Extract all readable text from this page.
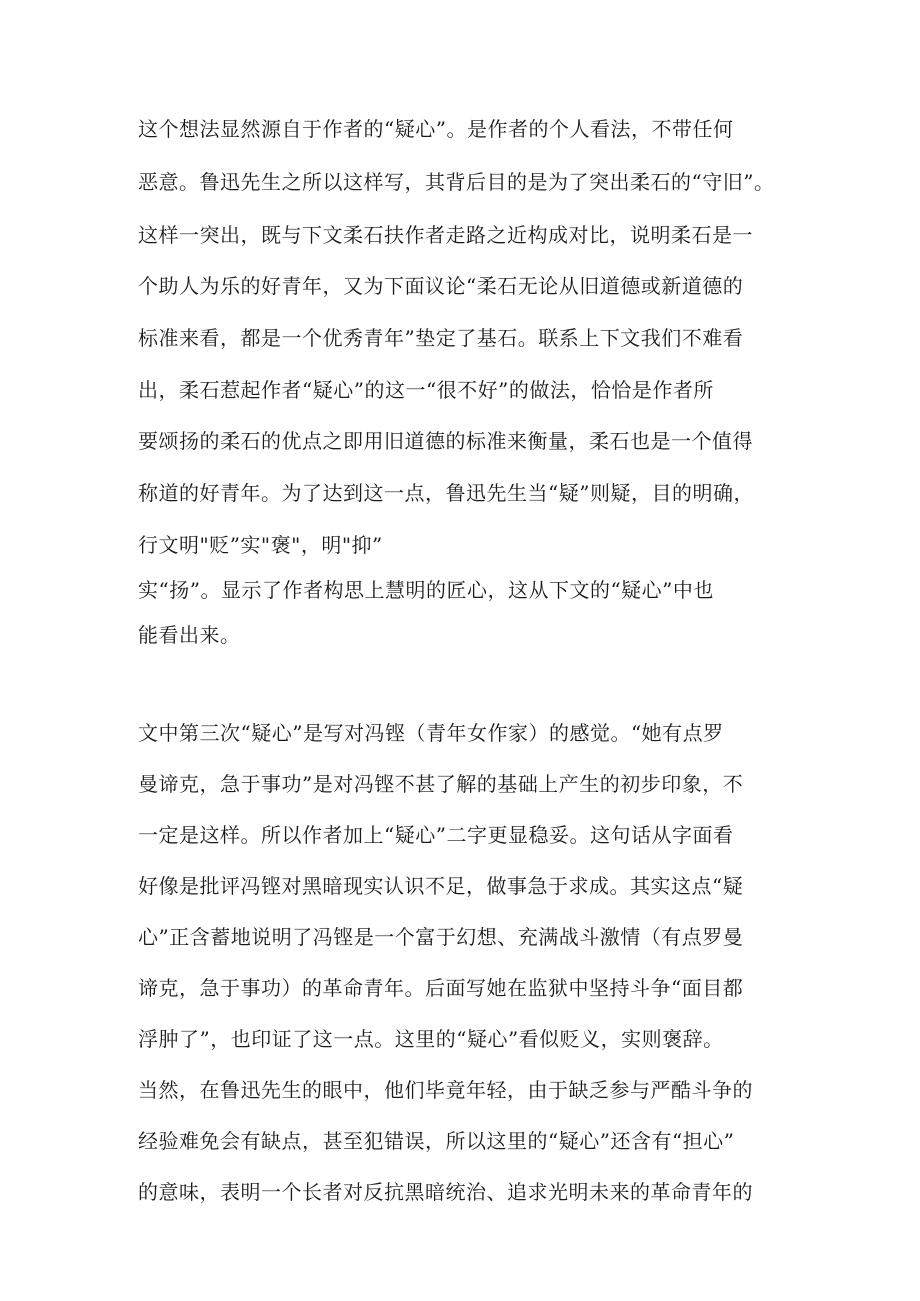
这个想法显然源自于作者的“疑心”。是作者的个人看法，不带任何
恶意。鲁迅先生之所以这样写，其背后目的是为了突出柔石的“守旧”。
这样一突出，既与下文柔石扶作者走路之近构成对比，说明柔石是一
个助人为乐的好青年，又为下面议论“柔石无论从旧道德或新道德的
标准来看，都是一个优秀青年”垫定了基石。联系上下文我们不难看
出，柔石惹起作者“疑心”的这一“很不好”的做法，恰恰是作者所
要颂扬的柔石的优点之即用旧道德的标准来衡量，柔石也是一个值得
称道的好青年。为了达到这一点，鲁迅先生当“疑”则疑，目的明确，
行文明"贬”实"褒"，明"抑”
实“扬”。显示了作者构思上慧明的匠心，这从下文的“疑心”中也
能看出来。
文中第三次“疑心”是写对冯铿（青年女作家）的感觉。“她有点罗
曼谛克，急于事功”是对冯铿不甚了解的基础上产生的初步印象，不
一定是这样。所以作者加上“疑心”二字更显稳妥。这句话从字面看
好像是批评冯铿对黑暗现实认识不足，做事急于求成。其实这点“疑
心”正含蓄地说明了冯铿是一个富于幻想、充满战斗激情（有点罗曼
谛克，急于事功）的革命青年。后面写她在监狱中坚持斗争“面目都
浮肿了”，也印证了这一点。这里的“疑心”看似贬义，实则褒辞。
当然，在鲁迅先生的眼中，他们毕竟年轻，由于缺乏参与严酷斗争的
经验难免会有缺点，甚至犯错误，所以这里的“疑心”还含有“担心”
的意味，表明一个长者对反抗黑暗统治、追求光明未来的革命青年的
